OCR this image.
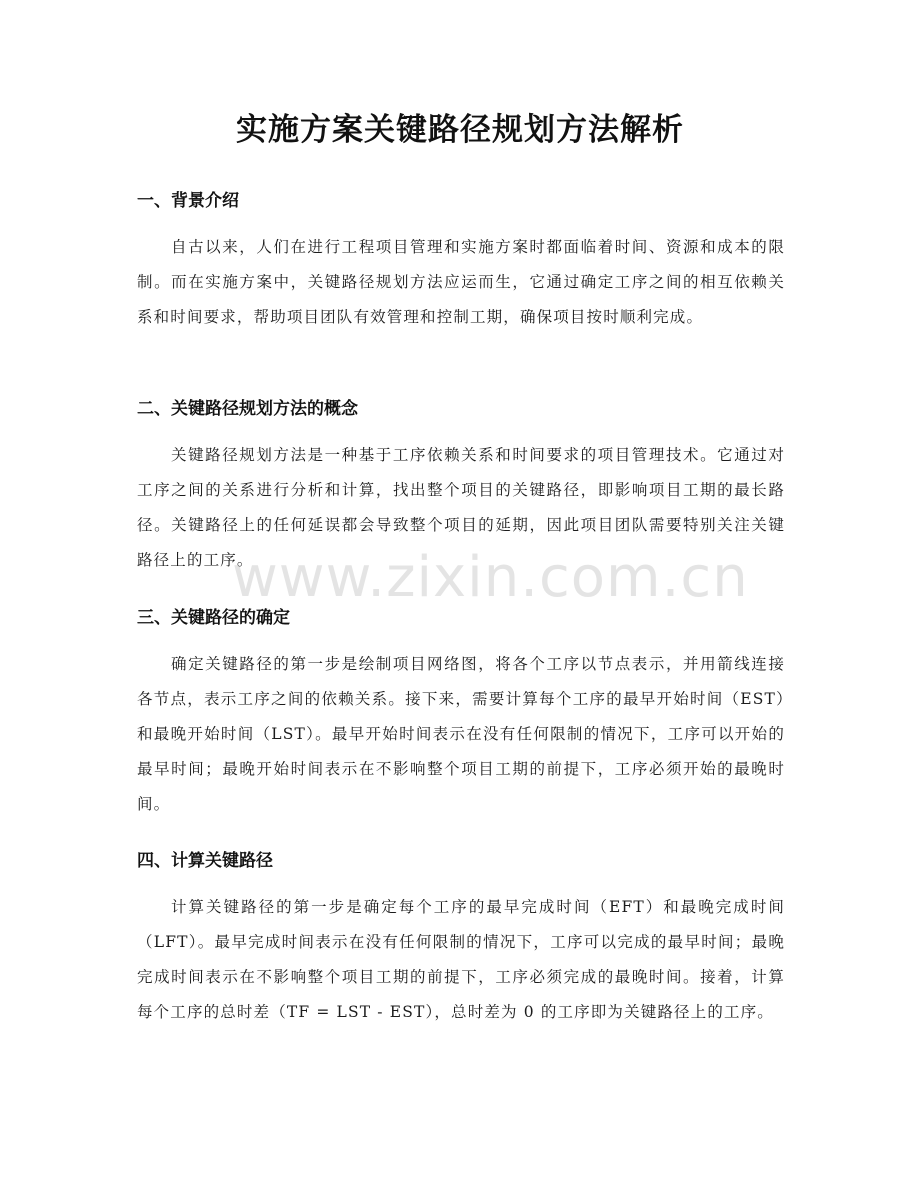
实施方案关键路径规划方法解析
一、背景介绍

自古以来，人们在进行工程项目管理和实施方案时都面临着时间、资源和成本的限制。而在实施方案中，关键路径规划方法应运而生，它通过确定工序之间的相互依赖关系和时间要求，帮助项目团队有效管理和控制工期，确保项目按时顺利完成。

二、关键路径规划方法的概念

关键路径规划方法是一种基于工序依赖关系和时间要求的项目管理技术。它通过对工序之间的关系进行分析和计算，找出整个项目的关键路径，即影响项目工期的最长路径。关键路径上的任何延误都会导致整个项目的延期，因此项目团队需要特别关注关键路径上的工序。

三、关键路径的确定

确定关键路径的第一步是绘制项目网络图，将各个工序以节点表示，并用箭线连接各节点，表示工序之间的依赖关系。接下来，需要计算每个工序的最早开始时间（EST）和最晚开始时间（LST）。最早开始时间表示在没有任何限制的情况下，工序可以开始的最早时间；最晚开始时间表示在不影响整个项目工期的前提下，工序必须开始的最晚时间。

四、计算关键路径

计算关键路径的第一步是确定每个工序的最早完成时间（EFT）和最晚完成时间（LFT）。最早完成时间表示在没有任何限制的情况下，工序可以完成的最早时间；最晚完成时间表示在不影响整个项目工期的前提下，工序必须完成的最晚时间。接着，计算每个工序的总时差（TF = LST - EST），总时差为 0 的工序即为关键路径上的工序。

www.zixin.com.cn
